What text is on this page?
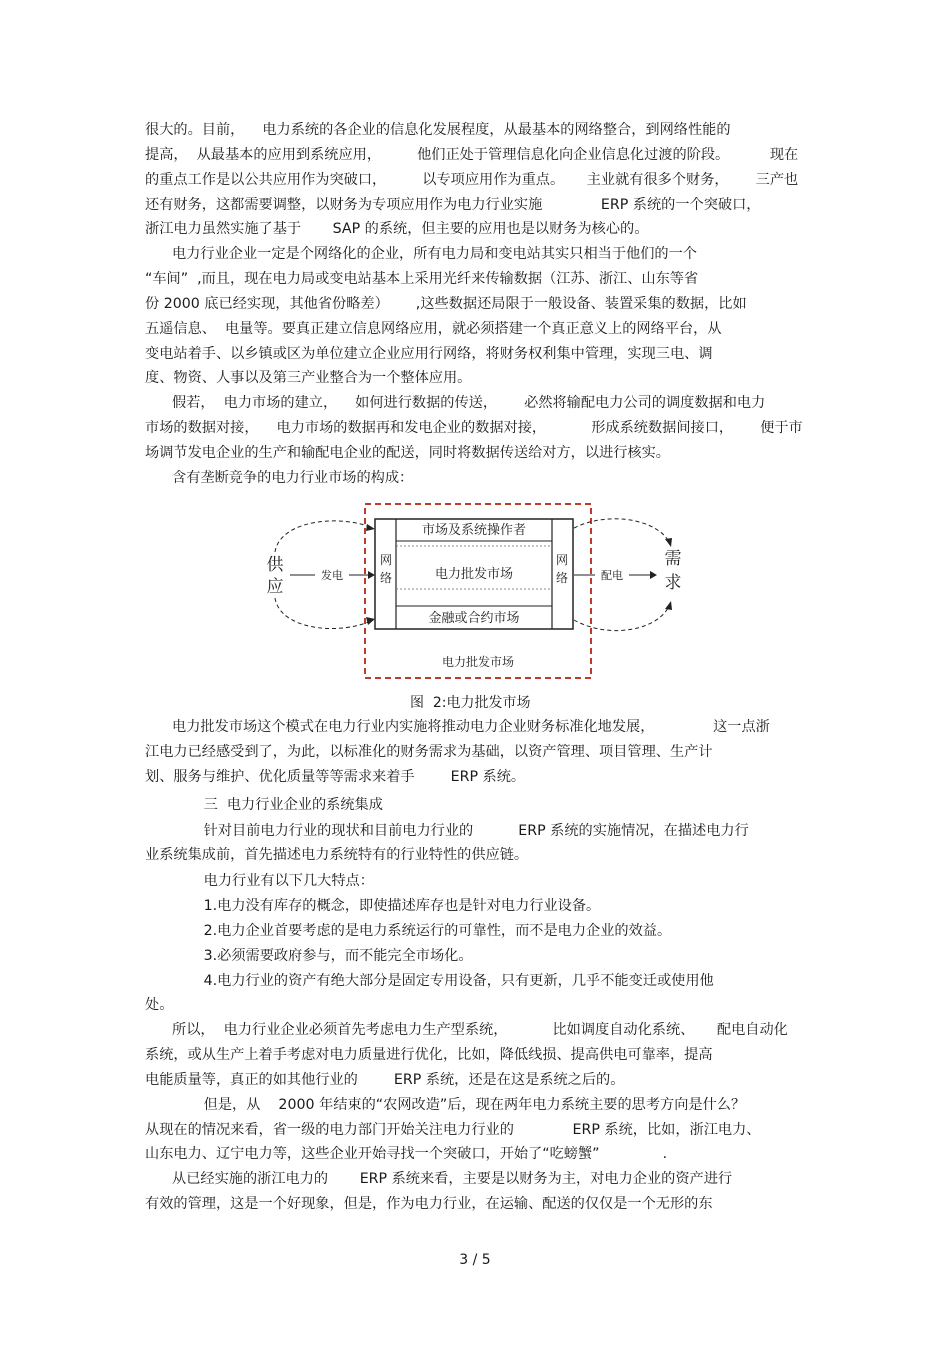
很大的。目前，    电力系统的各企业的信息化发展程度，从最基本的网络整合，到网络性能的
提高，  从最基本的应用到系统应用，        他们正处于管理信息化向企业信息化过渡的阶段。         现在
的重点工作是以公共应用作为突破口，        以专项应用作为重点。     主业就有很多个财务，      三产也
还有财务，这都需要调整，以财务为专项应用作为电力行业实施             ERP 系统的一个突破口，
浙江电力虽然实施了基于       SAP 的系统，但主要的应用也是以财务为核心的。
电力行业企业一定是个网络化的企业，所有电力局和变电站其实只相当于他们的一个
“车间”  ,而且，现在电力局或变电站基本上采用光纤来传输数据（江苏、浙江、山东等省
份 2000 底已经实现，其他省份略差）      ,这些数据还局限于一般设备、装置采集的数据，比如
五遥信息、  电量等。要真正建立信息网络应用，就必须搭建一个真正意义上的网络平台，从
变电站着手、以乡镇或区为单位建立企业应用行网络，将财务权利集中管理，实现三电、调
度、物资、人事以及第三产业整合为一个整体应用。
假若，  电力市场的建立，    如何进行数据的传送，      必然将输配电力公司的调度数据和电力
市场的数据对接，    电力市场的数据再和发电企业的数据对接，          形成系统数据间接口，      便于市
场调节发电企业的生产和输配电企业的配送，同时将数据传送给对方，以进行核实。
含有垄断竞争的电力行业市场的构成：
市场及系统操作者
电力批发市场
金融或合约市场
网
络
网
络
供
应
需
求
发电	配电
电力批发市场
图  2:电力批发市场
电力批发市场这个模式在电力行业内实施将推动电力企业财务标准化地发展，             这一点浙
江电力已经感受到了，为此，以标准化的财务需求为基础，以资产管理、项目管理、生产计
划、服务与维护、优化质量等等需求来着手        ERP 系统。
三  电力行业企业的系统集成
针对目前电力行业的现状和目前电力行业的          ERP 系统的实施情况，在描述电力行
业系统集成前，首先描述电力系统特有的行业特性的供应链。
电力行业有以下几大特点：
1.电力没有库存的概念，即使描述库存也是针对电力行业设备。
2.电力企业首要考虑的是电力系统运行的可靠性，而不是电力企业的效益。
3.必须需要政府参与，而不能完全市场化。
4.电力行业的资产有绝大部分是固定专用设备，只有更新，几乎不能变迁或使用他
处。
所以，  电力行业企业必须首先考虑电力生产型系统，          比如调度自动化系统、     配电自动化
系统，或从生产上着手考虑对电力质量进行优化，比如，降低线损、提高供电可靠率，提高
电能质量等，真正的如其他行业的        ERP 系统，还是在这是系统之后的。
但是，从    2000 年结束的“农网改造”后，现在两年电力系统主要的思考方向是什么？
从现在的情况来看，省一级的电力部门开始关注电力行业的             ERP 系统，比如，浙江电力、
山东电力、辽宁电力等，这些企业开始寻找一个突破口，开始了“吃螃蟹”              .
从已经实施的浙江电力的       ERP 系统来看，主要是以财务为主，对电力企业的资产进行
有效的管理，这是一个好现象，但是，作为电力行业，在运输、配送的仅仅是一个无形的东
3 / 5
